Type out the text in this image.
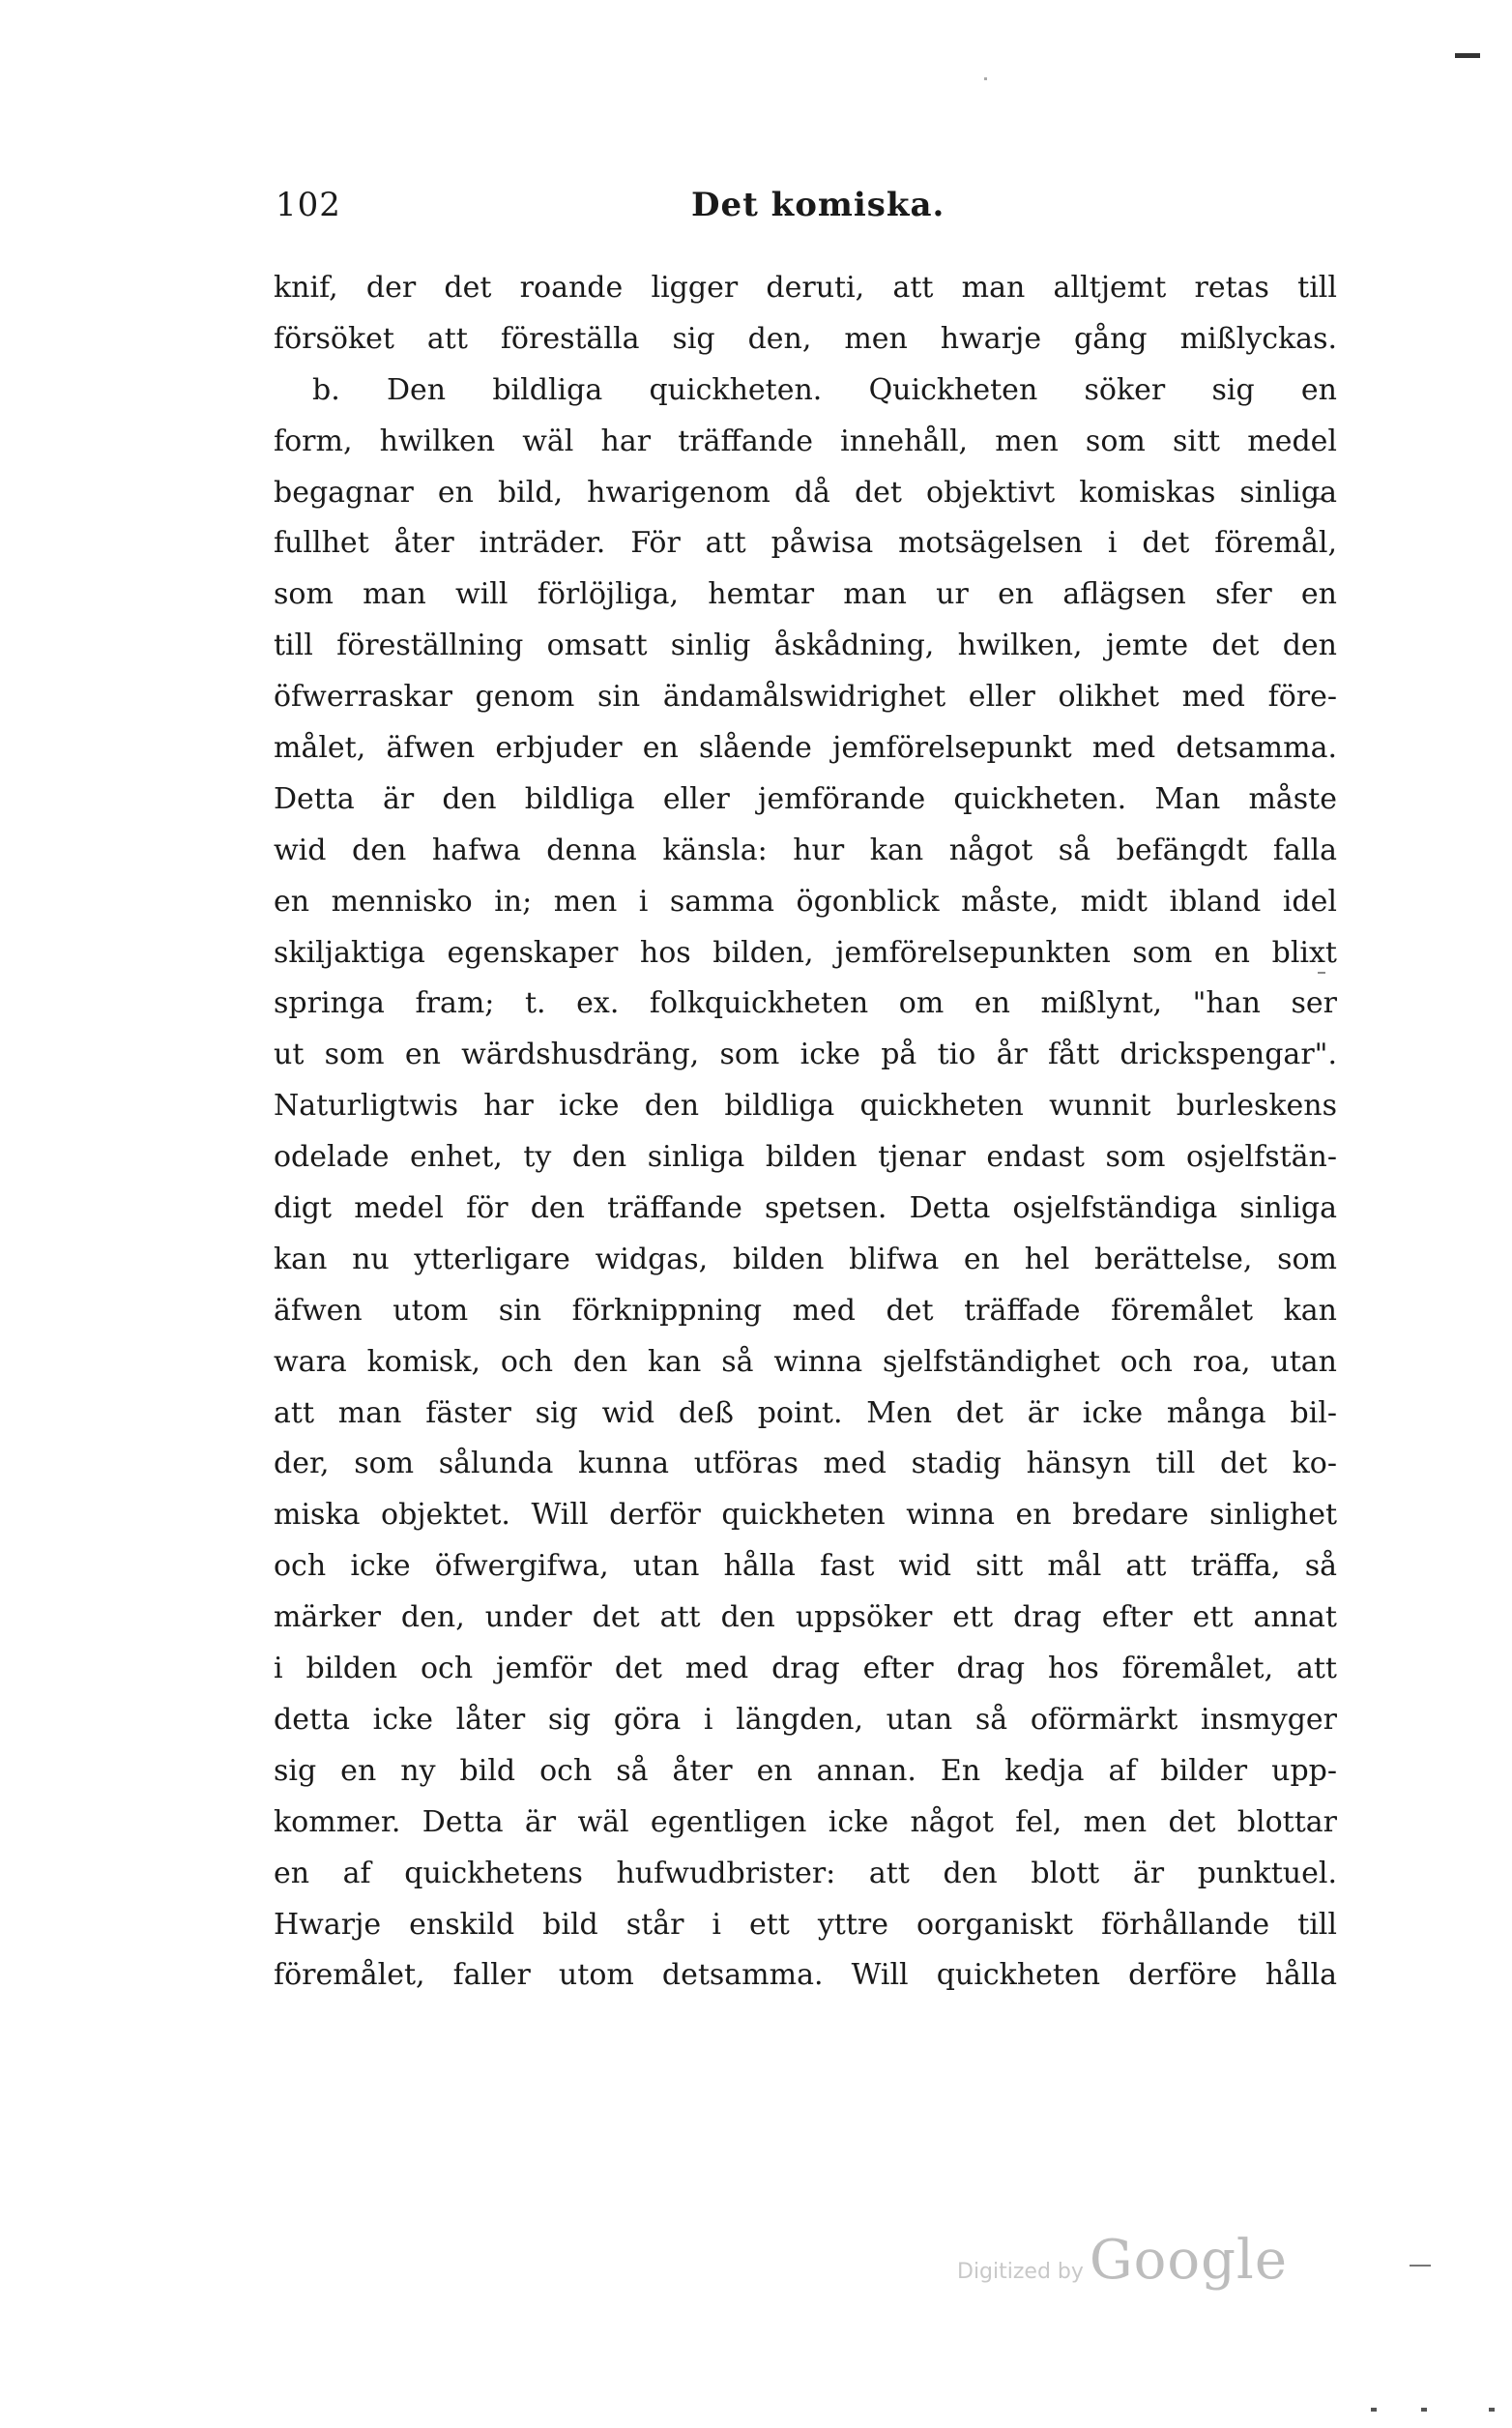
102	Det komiska.
knif, der det roande ligger deruti, att man alltjemt retas till
försöket att föreställa sig den, men hwarje gång mißlyckas.
b. Den bildliga quickheten. Quickheten söker sig en
form, hwilken wäl har träffande innehåll, men som sitt medel
begagnar en bild, hwarigenom då det objektivt komiskas sinliga
fullhet åter inträder. För att påwisa motsägelsen i det föremål,
som man will förlöjliga, hemtar man ur en aflägsen sfer en
till föreställning omsatt sinlig åskådning, hwilken, jemte det den
öfwerraskar genom sin ändamålswidrighet eller olikhet med före-
målet, äfwen erbjuder en slående jemförelsepunkt med detsamma.
Detta är den bildliga eller jemförande quickheten. Man måste
wid den hafwa denna känsla: hur kan något så befängdt falla
en mennisko in; men i samma ögonblick måste, midt ibland idel
skiljaktiga egenskaper hos bilden, jemförelsepunkten som en blixt
springa fram; t. ex. folkquickheten om en mißlynt, "han ser
ut som en wärdshusdräng, som icke på tio år fått drickspengar".
Naturligtwis har icke den bildliga quickheten wunnit burleskens
odelade enhet, ty den sinliga bilden tjenar endast som osjelfstän-
digt medel för den träffande spetsen. Detta osjelfständiga sinliga
kan nu ytterligare widgas, bilden blifwa en hel berättelse, som
äfwen utom sin förknippning med det träffade föremålet kan
wara komisk, och den kan så winna sjelfständighet och roa, utan
att man fäster sig wid deß point. Men det är icke många bil-
der, som sålunda kunna utföras med stadig hänsyn till det ko-
miska objektet. Will derför quickheten winna en bredare sinlighet
och icke öfwergifwa, utan hålla fast wid sitt mål att träffa, så
märker den, under det att den uppsöker ett drag efter ett annat
i bilden och jemför det med drag efter drag hos föremålet, att
detta icke låter sig göra i längden, utan så oförmärkt insmyger
sig en ny bild och så åter en annan. En kedja af bilder upp-
kommer. Detta är wäl egentligen icke något fel, men det blottar
en af quickhetens hufwudbrister: att den blott är punktuel.
Hwarje enskild bild står i ett yttre oorganiskt förhållande till
föremålet, faller utom detsamma. Will quickheten derföre hålla
Digitized by Google
